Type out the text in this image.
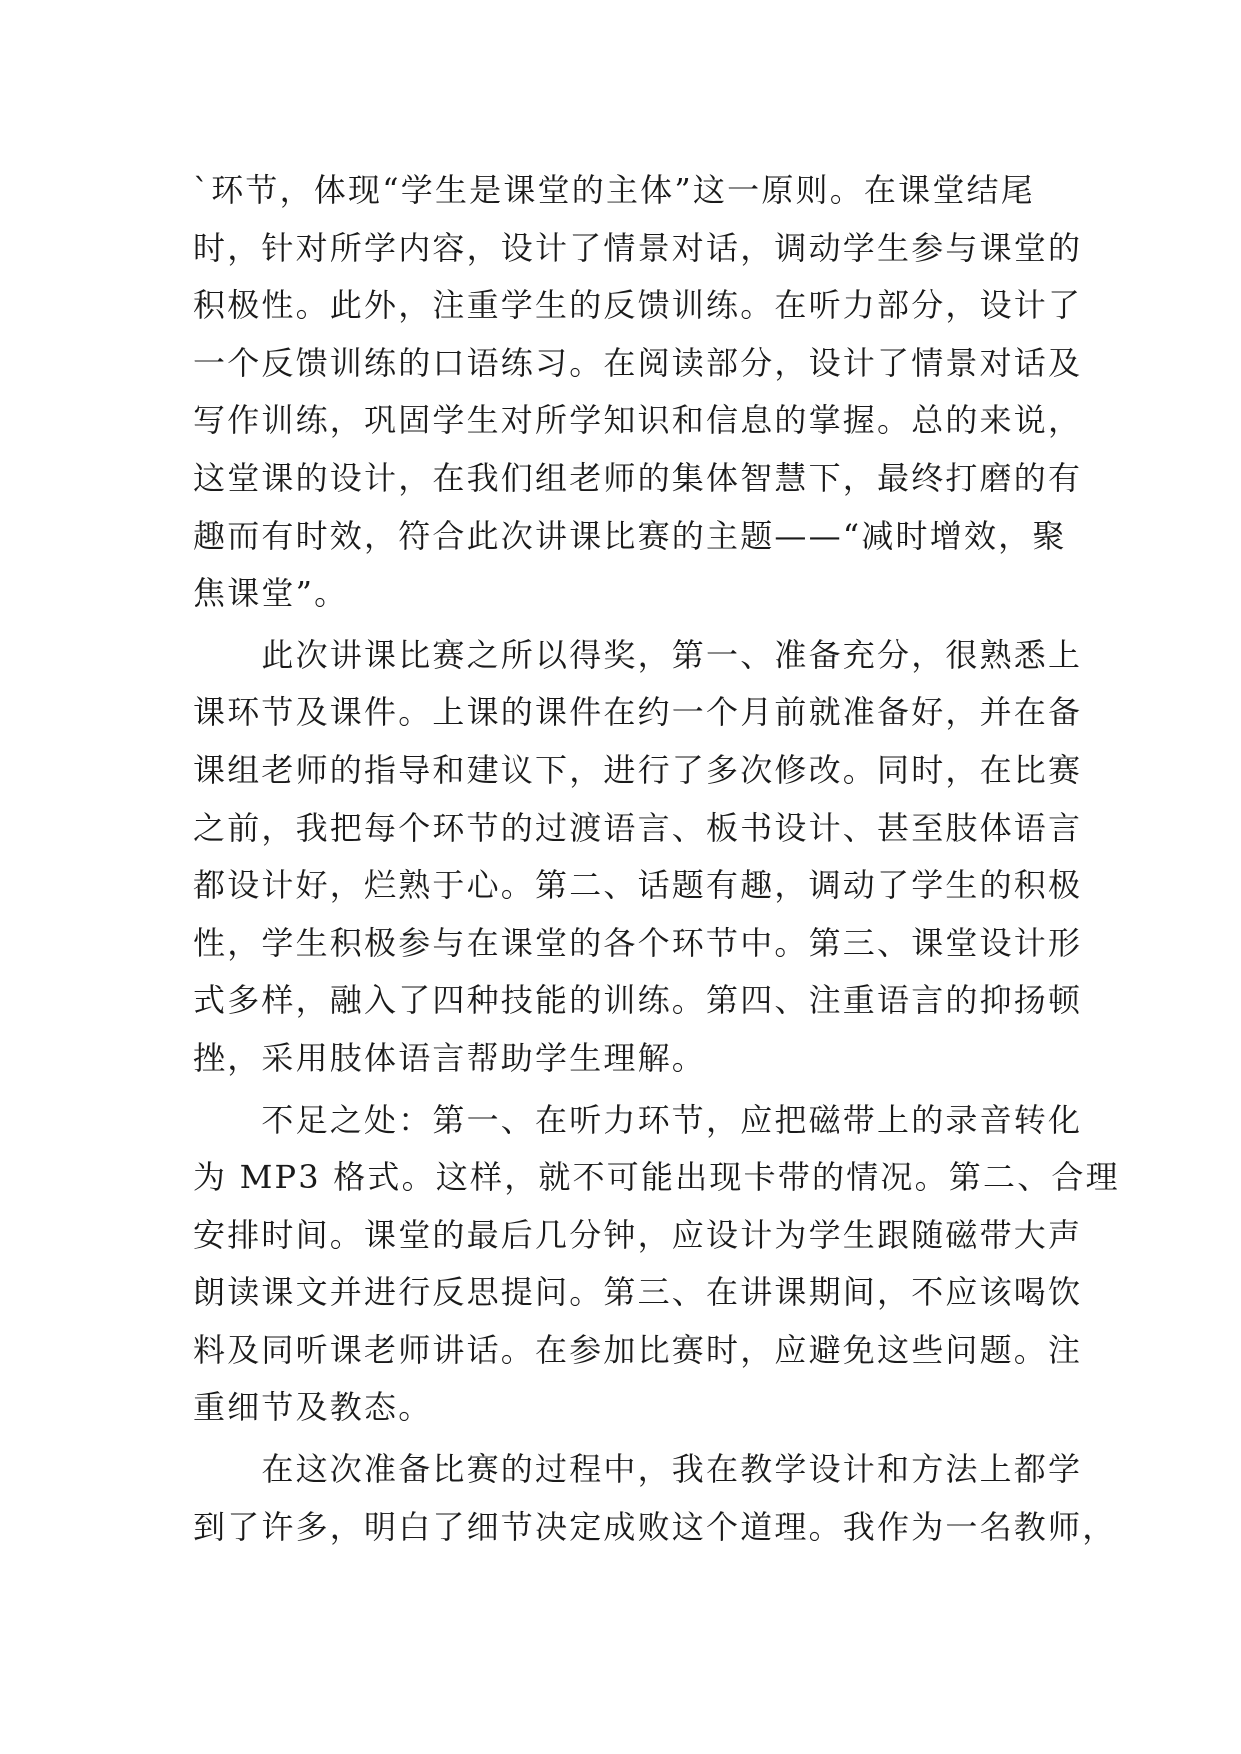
`环节，体现“学生是课堂的主体”这一原则。在课堂结尾
时，针对所学内容，设计了情景对话，调动学生参与课堂的
积极性。此外，注重学生的反馈训练。在听力部分，设计了
一个反馈训练的口语练习。在阅读部分，设计了情景对话及
写作训练，巩固学生对所学知识和信息的掌握。总的来说，
这堂课的设计，在我们组老师的集体智慧下，最终打磨的有
趣而有时效，符合此次讲课比赛的主题——“减时增效，聚
焦课堂”。
　　此次讲课比赛之所以得奖，第一、准备充分，很熟悉上
课环节及课件。上课的课件在约一个月前就准备好，并在备
课组老师的指导和建议下，进行了多次修改。同时，在比赛
之前，我把每个环节的过渡语言、板书设计、甚至肢体语言
都设计好，烂熟于心。第二、话题有趣，调动了学生的积极
性，学生积极参与在课堂的各个环节中。第三、课堂设计形
式多样，融入了四种技能的训练。第四、注重语言的抑扬顿
挫，采用肢体语言帮助学生理解。
　　不足之处：第一、在听力环节，应把磁带上的录音转化
为 MP3 格式。这样，就不可能出现卡带的情况。第二、合理
安排时间。课堂的最后几分钟，应设计为学生跟随磁带大声
朗读课文并进行反思提问。第三、在讲课期间，不应该喝饮
料及同听课老师讲话。在参加比赛时，应避免这些问题。注
重细节及教态。
　　在这次准备比赛的过程中，我在教学设计和方法上都学
到了许多，明白了细节决定成败这个道理。我作为一名教师，
